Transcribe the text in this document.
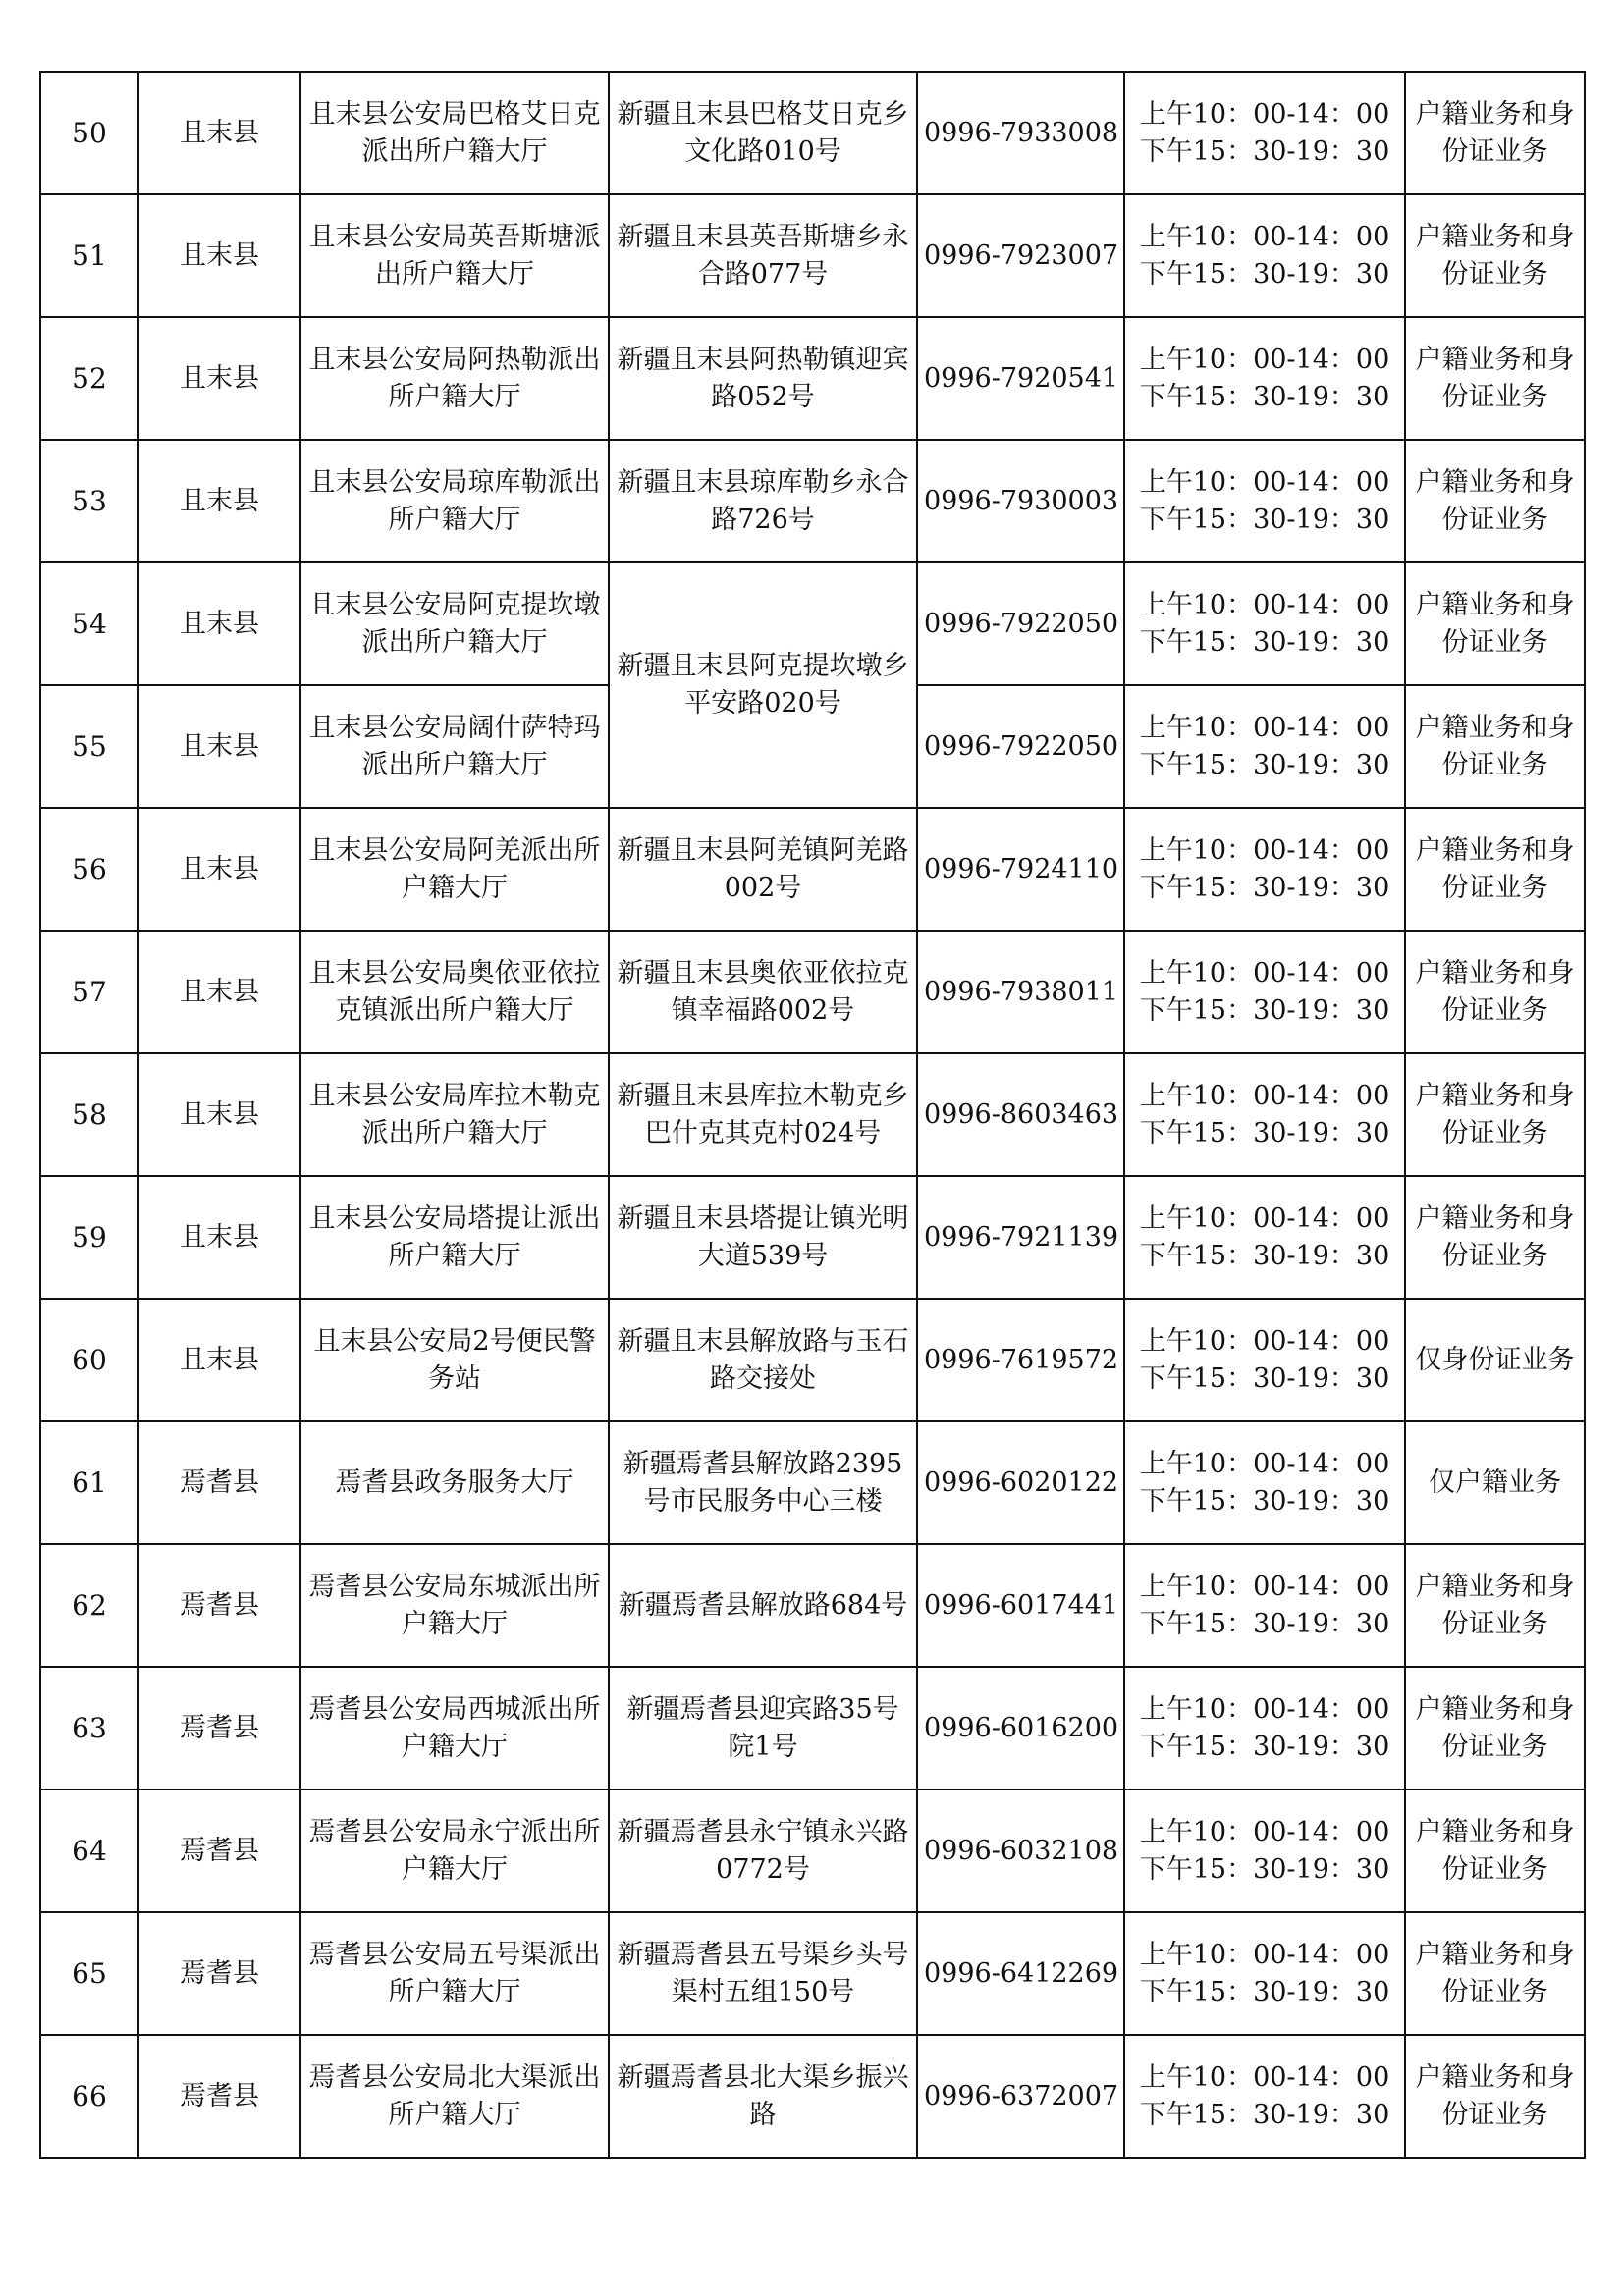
50	且末县	且末县公安局巴格艾日克派出所户籍大厅	新疆且末县巴格艾日克乡文化路010号	0996-7933008	上午10：00-14：00
下午15：30-19：30	户籍业务和身份证业务
51	且末县	且末县公安局英吾斯塘派出所户籍大厅	新疆且末县英吾斯塘乡永合路077号	0996-7923007	上午10：00-14：00
下午15：30-19：30	户籍业务和身份证业务
52	且末县	且末县公安局阿热勒派出所户籍大厅	新疆且末县阿热勒镇迎宾路052号	0996-7920541	上午10：00-14：00
下午15：30-19：30	户籍业务和身份证业务
53	且末县	且末县公安局琼库勒派出所户籍大厅	新疆且末县琼库勒乡永合路726号	0996-7930003	上午10：00-14：00
下午15：30-19：30	户籍业务和身份证业务
54	且末县	且末县公安局阿克提坎墩派出所户籍大厅	新疆且末县阿克提坎墩乡平安路020号	0996-7922050	上午10：00-14：00
下午15：30-19：30	户籍业务和身份证业务
55	且末县	且末县公安局阔什萨特玛派出所户籍大厅		0996-7922050	上午10：00-14：00
下午15：30-19：30	户籍业务和身份证业务
56	且末县	且末县公安局阿羌派出所户籍大厅	新疆且末县阿羌镇阿羌路002号	0996-7924110	上午10：00-14：00
下午15：30-19：30	户籍业务和身份证业务
57	且末县	且末县公安局奥依亚依拉克镇派出所户籍大厅	新疆且末县奥依亚依拉克镇幸福路002号	0996-7938011	上午10：00-14：00
下午15：30-19：30	户籍业务和身份证业务
58	且末县	且末县公安局库拉木勒克派出所户籍大厅	新疆且末县库拉木勒克乡巴什克其克村024号	0996-8603463	上午10：00-14：00
下午15：30-19：30	户籍业务和身份证业务
59	且末县	且末县公安局塔提让派出所户籍大厅	新疆且末县塔提让镇光明大道539号	0996-7921139	上午10：00-14：00
下午15：30-19：30	户籍业务和身份证业务
60	且末县	且末县公安局2号便民警务站	新疆且末县解放路与玉石路交接处	0996-7619572	上午10：00-14：00
下午15：30-19：30	仅身份证业务
61	焉耆县	焉耆县政务服务大厅	新疆焉耆县解放路2395号市民服务中心三楼	0996-6020122	上午10：00-14：00
下午15：30-19：30	仅户籍业务
62	焉耆县	焉耆县公安局东城派出所户籍大厅	新疆焉耆县解放路684号	0996-6017441	上午10：00-14：00
下午15：30-19：30	户籍业务和身份证业务
63	焉耆县	焉耆县公安局西城派出所户籍大厅	新疆焉耆县迎宾路35号院1号	0996-6016200	上午10：00-14：00
下午15：30-19：30	户籍业务和身份证业务
64	焉耆县	焉耆县公安局永宁派出所户籍大厅	新疆焉耆县永宁镇永兴路0772号	0996-6032108	上午10：00-14：00
下午15：30-19：30	户籍业务和身份证业务
65	焉耆县	焉耆县公安局五号渠派出所户籍大厅	新疆焉耆县五号渠乡头号渠村五组150号	0996-6412269	上午10：00-14：00
下午15：30-19：30	户籍业务和身份证业务
66	焉耆县	焉耆县公安局北大渠派出所户籍大厅	新疆焉耆县北大渠乡振兴路	0996-6372007	上午10：00-14：00
下午15：30-19：30	户籍业务和身份证业务
